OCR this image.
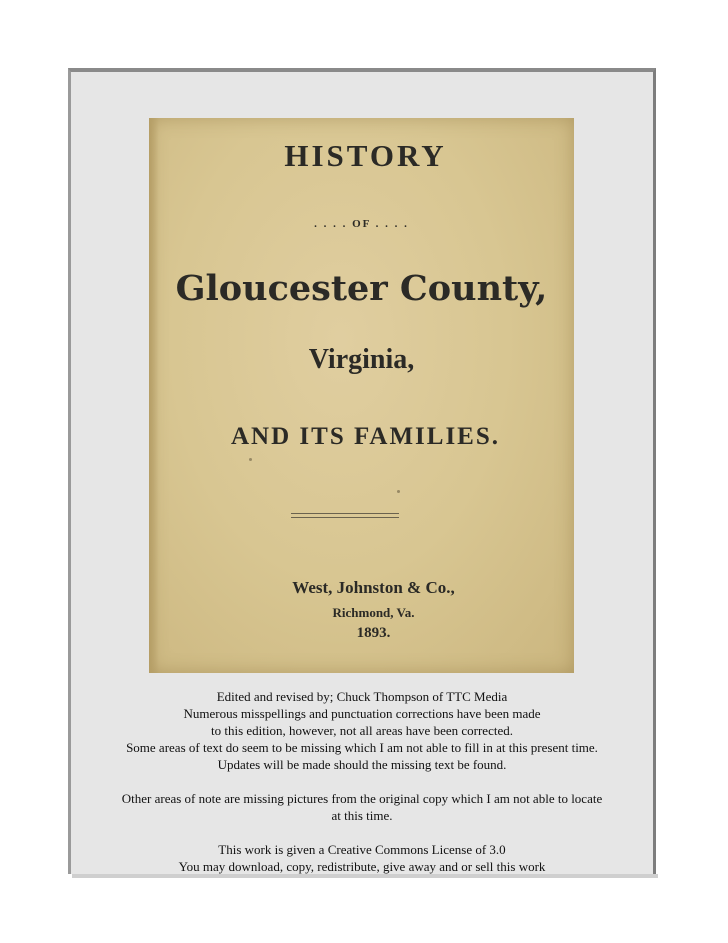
HISTORY
. . . . OF . . . .
Gloucester County,
Virginia,
AND ITS FAMILIES.
West, Johnston & Co.,
Richmond, Va.
1893.
Edited and revised by; Chuck Thompson of TTC Media
Numerous misspellings and punctuation corrections have been made
to this edition, however, not all areas have been corrected.
Some areas of text do seem to be missing which I am not able to fill in at this present time.
Updates will be made should the missing text be found.
Other areas of note are missing pictures from the original copy which I am not able to locate
at this time.
This work is given a Creative Commons License of 3.0
You may download, copy, redistribute, give away and or sell this work
